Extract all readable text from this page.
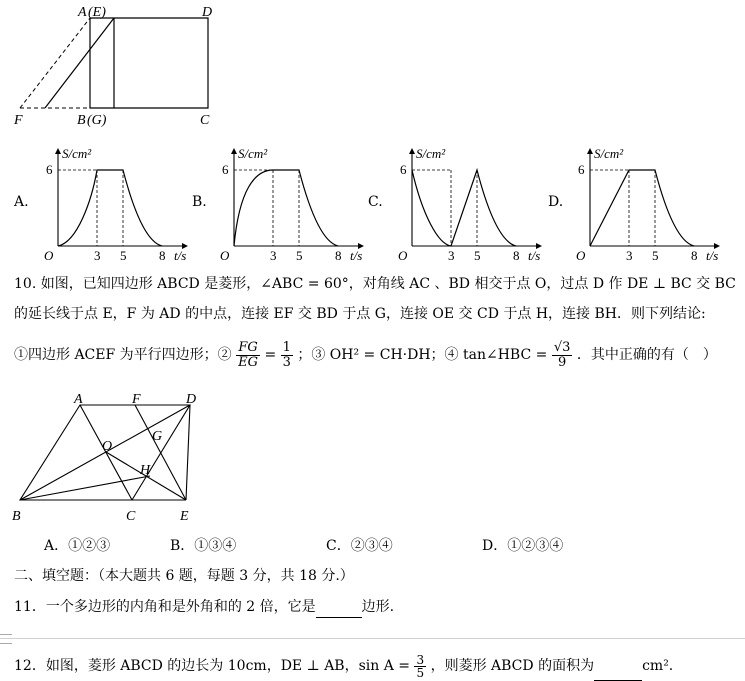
A (E)	D
F	B (G)	C
A.	B.	C.	D.
S/cm²
t/s
O
6
3 5	8
S/cm²
t/s
O
6
3 5	8
S/cm²
t/s
O
6
3 5	8
S/cm²
t/s
O
6
3 5	8
10. 如图，已知四边形 ABCD 是菱形，∠ABC = 60°，对角线 AC 、BD 相交于点 O，过点 D 作 DE ⊥ BC 交 BC
的延长线于点 E，F 为 AD 的中点，连接 EF 交 BD 于点 G，连接 OE 交 CD 于点 H，连接 BH．则下列结论:
①四边形 ACEF 为平行四边形；② $\frac{FG}{EG} = \frac{1}{3}$ ；③ OH² = CH·DH；④ tan∠HBC = $\frac{√3}{9}$ ．其中正确的有（　）
A	F	D
O
G
H
B	C	E
A．①②③	B．①③④	C．②③④	D．①②③④
二、填空题：（本大题共 6 题，每题 3 分，共 18 分.）
11．一个多边形的内角和是外角和的 2 倍，它是	边形.
12．如图，菱形 ABCD 的边长为 10cm，DE ⊥ AB，$\sin A = \frac{3}{5}$ ，则菱形 ABCD 的面积为	cm².
